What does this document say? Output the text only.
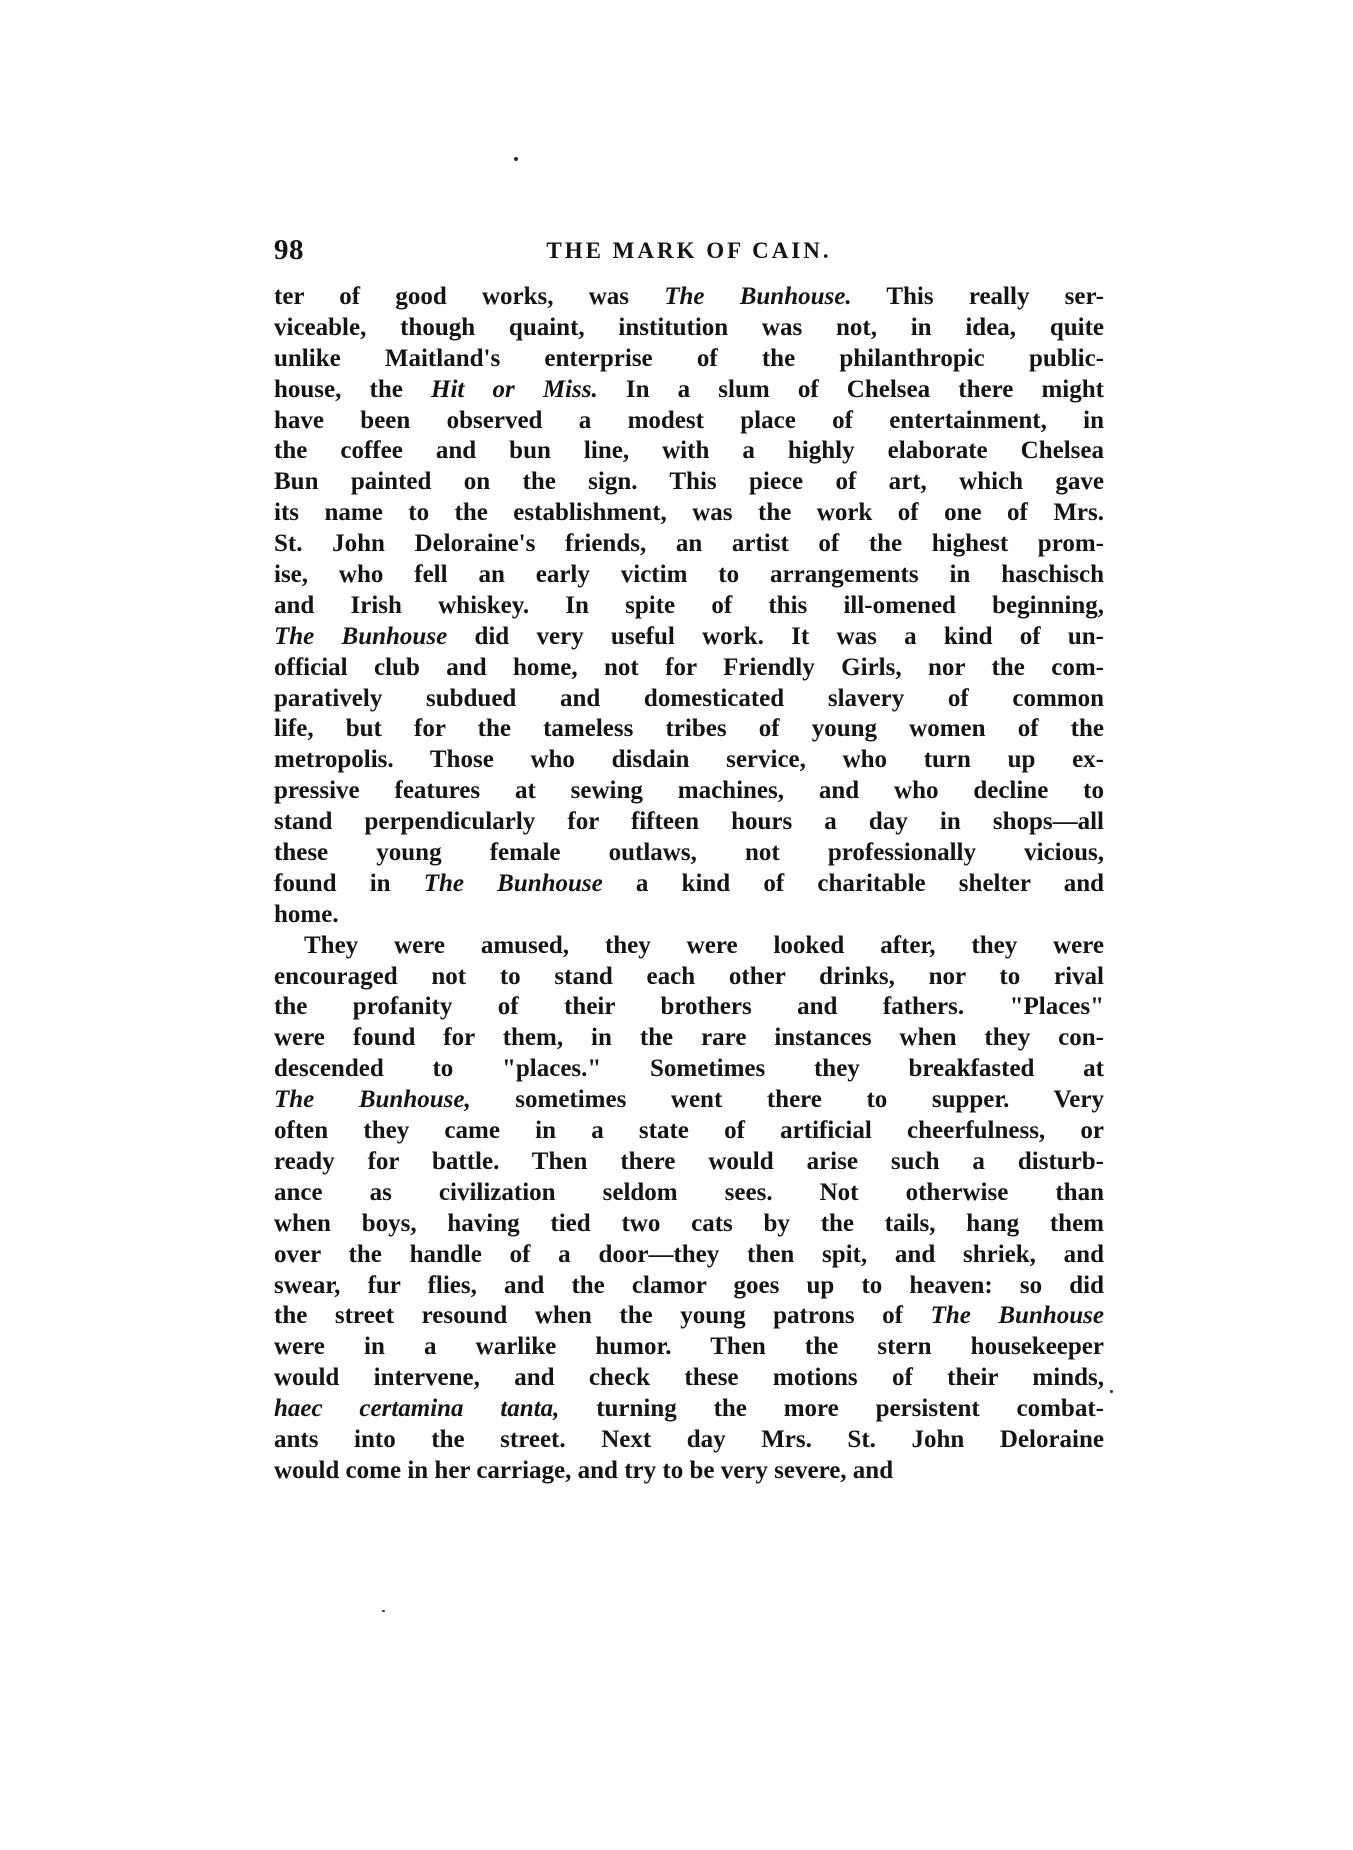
98	THE MARK OF CAIN.
ter of good works, was The Bunhouse. This really ser-
viceable, though quaint, institution was not, in idea, quite
unlike Maitland's enterprise of the philanthropic public-
house, the Hit or Miss. In a slum of Chelsea there might
have been observed a modest place of entertainment, in
the coffee and bun line, with a highly elaborate Chelsea
Bun painted on the sign. This piece of art, which gave
its name to the establishment, was the work of one of Mrs.
St. John Deloraine's friends, an artist of the highest prom-
ise, who fell an early victim to arrangements in haschisch
and Irish whiskey. In spite of this ill-omened beginning,
The Bunhouse did very useful work. It was a kind of un-
official club and home, not for Friendly Girls, nor the com-
paratively subdued and domesticated slavery of common
life, but for the tameless tribes of young women of the
metropolis. Those who disdain service, who turn up ex-
pressive features at sewing machines, and who decline to
stand perpendicularly for fifteen hours a day in shops—all
these young female outlaws, not professionally vicious,
found in The Bunhouse a kind of charitable shelter and
home.
They were amused, they were looked after, they were
encouraged not to stand each other drinks, nor to rival
the profanity of their brothers and fathers. "Places"
were found for them, in the rare instances when they con-
descended to "places." Sometimes they breakfasted at
The Bunhouse, sometimes went there to supper. Very
often they came in a state of artificial cheerfulness, or
ready for battle. Then there would arise such a disturb-
ance as civilization seldom sees. Not otherwise than
when boys, having tied two cats by the tails, hang them
over the handle of a door—they then spit, and shriek, and
swear, fur flies, and the clamor goes up to heaven: so did
the street resound when the young patrons of The Bunhouse
were in a warlike humor. Then the stern housekeeper
would intervene, and check these motions of their minds,
haec certamina tanta, turning the more persistent combat-
ants into the street. Next day Mrs. St. John Deloraine
would come in her carriage, and try to be very severe, and
